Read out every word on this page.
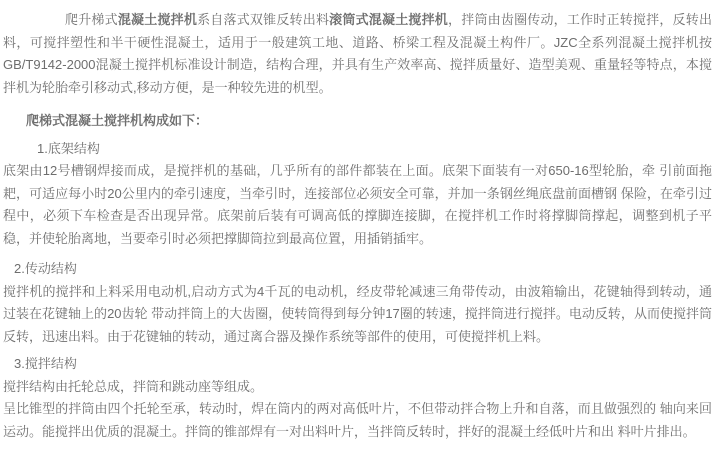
爬升梯式混凝土搅拌机系自落式双锥反转出料滚筒式混凝土搅拌机，拌筒由齿圈传动，工作时正转搅拌，反转出料，可搅拌塑性和半干硬性混凝土，适用于一般建筑工地、道路、桥梁工程及混凝土构件厂。JZC全系列混凝土搅拌机按GB/T9142-2000混凝土搅拌机标准设计制造，结构合理，并具有生产效率高、搅拌质量好、造型美观、重量轻等特点，本搅拌机为轮胎牵引移动式,移动方便，是一种较先进的机型。

爬梯式混凝土搅拌机构成如下：

1.底架结构

底架由12号槽钢焊接而成，是搅拌机的基础，几乎所有的部件都装在上面。底架下面装有一对650-16型轮胎，牵 引前面拖耙，可适应每小时20公里内的牵引速度，当牵引时，连接部位必须安全可靠，并加一条钢丝绳底盘前面槽钢 保险，在牵引过程中，必须下车检查是否出现异常。底架前后装有可调高低的撑脚连接脚，在搅拌机工作时将撑脚筒撑起，调整到机子平稳，并使轮胎离地，当要牵引时必须把撑脚筒拉到最高位置，用插销插牢。

2.传动结构

搅拌机的搅拌和上料采用电动机,启动方式为4千瓦的电动机，经皮带轮减速三角带传动，由波箱输出，花键轴得到转动，通过装在花键轴上的20齿轮 带动拌筒上的大齿圈，使转筒得到每分钟17圈的转速，搅拌筒进行搅拌。电动反转，从而使搅拌筒反转，迅速出料。由于花键轴的转动，通过离合器及操作系统等部件的使用，可使搅拌机上料。

3.搅拌结构

搅拌结构由托轮总成，拌筒和跳动座等组成。

呈比锥型的拌筒由四个托轮至承，转动时，焊在筒内的两对高低叶片，不但带动拌合物上升和自落，而且做强烈的 轴向来回运动。能搅拌出优质的混凝土。拌筒的锥部焊有一对出料叶片，当拌筒反转时，拌好的混凝土经低叶片和出 料叶片排出。
